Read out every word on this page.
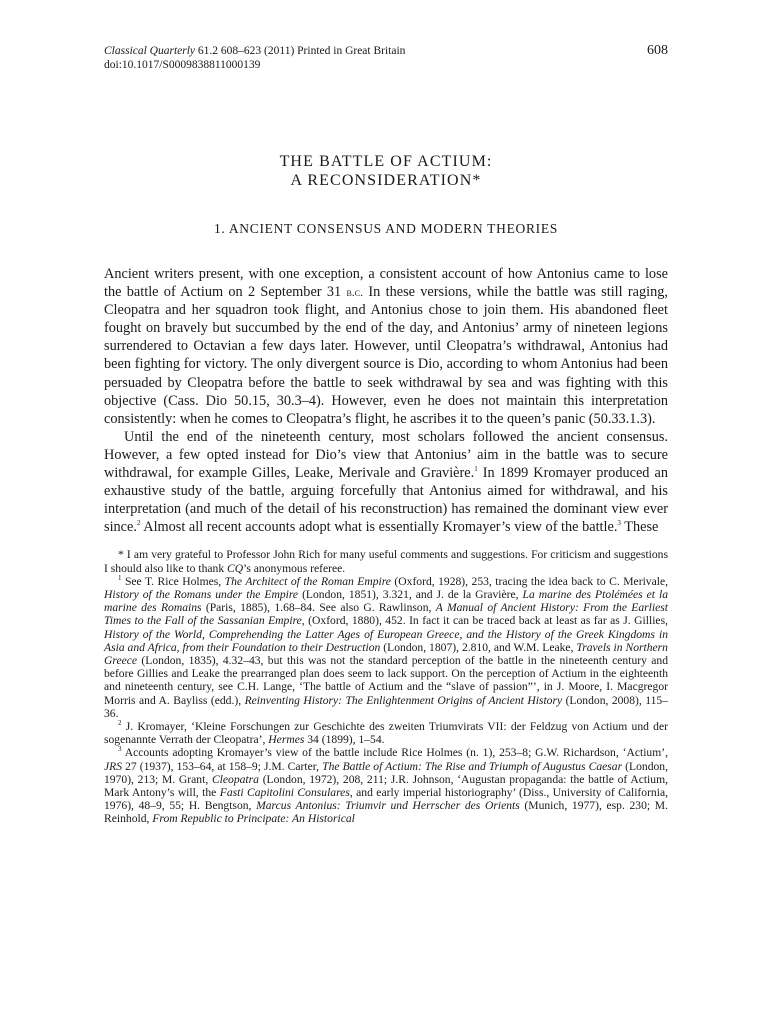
Classical Quarterly 61.2 608–623 (2011) Printed in Great Britain
doi:10.1017/S0009838811000139
608
THE BATTLE OF ACTIUM:
A RECONSIDERATION*
1. ANCIENT CONSENSUS AND MODERN THEORIES

Ancient writers present, with one exception, a consistent account of how Antonius came to lose the battle of Actium on 2 September 31 b.c. In these versions, while the battle was still raging, Cleopatra and her squadron took flight, and Antonius chose to join them. His abandoned fleet fought on bravely but succumbed by the end of the day, and Antonius’ army of nineteen legions surrendered to Octavian a few days later. However, until Cleopatra’s withdrawal, Antonius had been fighting for victory. The only divergent source is Dio, according to whom Antonius had been persuaded by Cleopatra before the battle to seek withdrawal by sea and was fighting with this objective (Cass. Dio 50.15, 30.3–4). However, even he does not maintain this interpretation consistently: when he comes to Cleopatra’s flight, he ascribes it to the queen’s panic (50.33.1.3).

Until the end of the nineteenth century, most scholars followed the ancient consensus. However, a few opted instead for Dio’s view that Antonius’ aim in the battle was to secure withdrawal, for example Gilles, Leake, Merivale and Gravière.$^1$ In 1899 Kromayer produced an exhaustive study of the battle, arguing forcefully that Antonius aimed for withdrawal, and his interpretation (and much of the detail of his reconstruction) has remained the dominant view ever since.$^2$ Almost all recent accounts adopt what is essentially Kromayer’s view of the battle.$^3$ These

* I am very grateful to Professor John Rich for many useful comments and suggestions. For criticism and suggestions I should also like to thank CQ’s anonymous referee.

$^1$ See T. Rice Holmes, The Architect of the Roman Empire (Oxford, 1928), 253, tracing the idea back to C. Merivale, History of the Romans under the Empire (London, 1851), 3.321, and J. de la Gravière, La marine des Ptolémées et la marine des Romains (Paris, 1885), 1.68–84. See also G. Rawlinson, A Manual of Ancient History: From the Earliest Times to the Fall of the Sassanian Empire, (Oxford, 1880), 452. In fact it can be traced back at least as far as J. Gillies, History of the World, Comprehending the Latter Ages of European Greece, and the History of the Greek Kingdoms in Asia and Africa, from their Foundation to their Destruction (London, 1807), 2.810, and W.M. Leake, Travels in Northern Greece (London, 1835), 4.32–43, but this was not the standard perception of the battle in the nineteenth century and before Gillies and Leake the prearranged plan does seem to lack support. On the perception of Actium in the eighteenth and nineteenth century, see C.H. Lange, ‘The battle of Actium and the “slave of passion”’, in J. Moore, I. Macgregor Morris and A. Bayliss (edd.), Reinventing History: The Enlightenment Origins of Ancient History (London, 2008), 115–36.

$^2$ J. Kromayer, ‘Kleine Forschungen zur Geschichte des zweiten Triumvirats VII: der Feldzug von Actium und der sogenannte Verrath der Cleopatra’, Hermes 34 (1899), 1–54.

$^3$ Accounts adopting Kromayer’s view of the battle include Rice Holmes (n. 1), 253–8; G.W. Richardson, ‘Actium’, JRS 27 (1937), 153–64, at 158–9; J.M. Carter, The Battle of Actium: The Rise and Triumph of Augustus Caesar (London, 1970), 213; M. Grant, Cleopatra (London, 1972), 208, 211; J.R. Johnson, ‘Augustan propaganda: the battle of Actium, Mark Antony’s will, the Fasti Capitolini Consulares, and early imperial historiography’ (Diss., University of California, 1976), 48–9, 55; H. Bengtson, Marcus Antonius: Triumvir und Herrscher des Orients (Munich, 1977), esp. 230; M. Reinhold, From Republic to Principate: An Historical
